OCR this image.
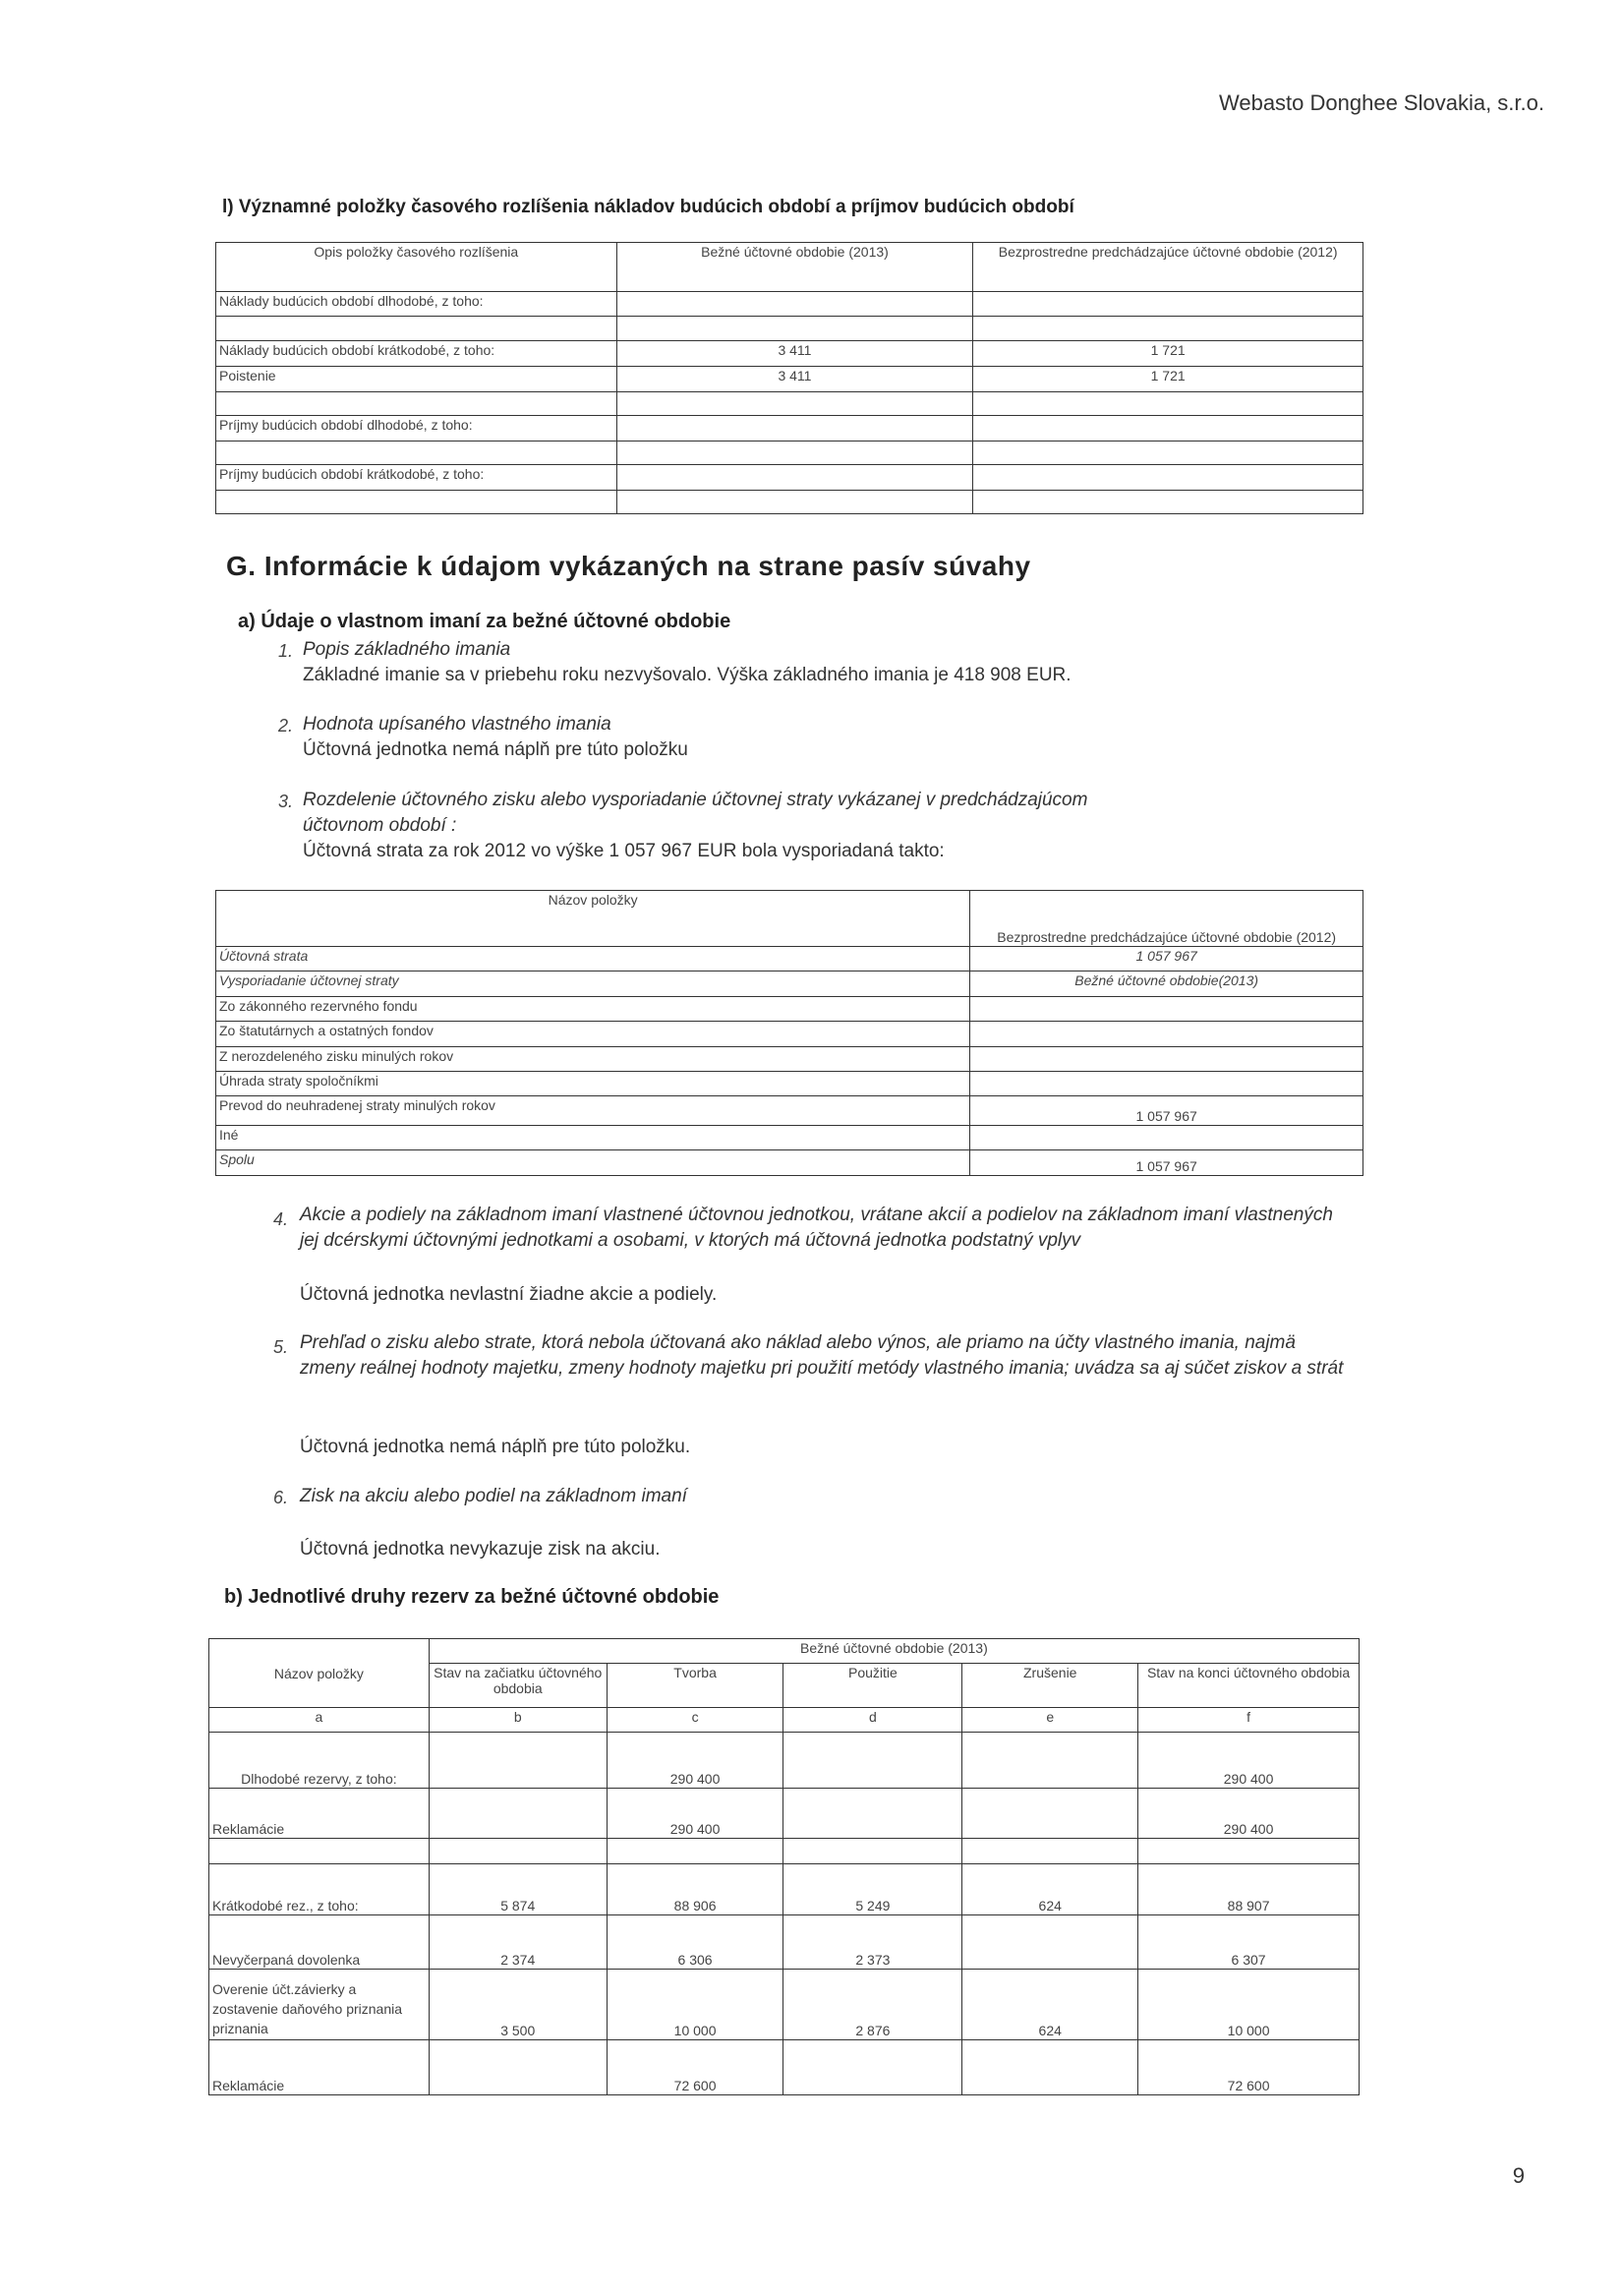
Webasto Donghee Slovakia, s.r.o.
l) Významné položky časového rozlíšenia nákladov budúcich období a príjmov budúcich období
Opis položky časového rozlíšenia	Bežné účtovné obdobie (2013)	Bezprostredne predchádzajúce účtovné obdobie (2012)
Náklady budúcich období dlhodobé, z toho:		

Náklady budúcich období krátkodobé, z toho:	3 411	1 721
Poistenie	3 411	1 721

Príjmy budúcich období dlhodobé, z toho:		

Príjmy budúcich období krátkodobé, z toho:		

G. Informácie k údajom vykázaných na strane pasív súvahy
a) Údaje o vlastnom imaní za bežné účtovné obdobie
1. Popis základného imania
Základné imanie sa v priebehu roku nezvyšovalo. Výška základného imania je 418 908 EUR.
2. Hodnota upísaného vlastného imania
Účtovná jednotka nemá náplň pre túto položku
3. Rozdelenie účtovného zisku alebo vysporiadanie účtovnej straty vykázanej v predchádzajúcom
účtovnom období :
Účtovná strata za rok 2012 vo výške 1 057 967 EUR bola vysporiadaná takto:
Názov položky	Bezprostredne predchádzajúce účtovné obdobie (2012)
Účtovná strata	1 057 967
Vysporiadanie účtovnej straty	Bežné účtovné obdobie(2013)
Zo zákonného rezervného fondu	
Zo štatutárnych a ostatných fondov	
Z nerozdeleného zisku minulých rokov	
Úhrada straty spoločníkmi	
Prevod do neuhradenej straty minulých rokov	1 057 967
Iné	
Spolu	1 057 967
4. Akcie a podiely na základnom imaní vlastnené účtovnou jednotkou, vrátane akcií a podielov na základnom imaní vlastnených
jej dcérskymi účtovnými jednotkami a osobami, v ktorých má účtovná jednotka podstatný vplyv
Účtovná jednotka nevlastní žiadne akcie a podiely.
5. Prehľad o zisku alebo strate, ktorá nebola účtovaná ako náklad alebo výnos, ale priamo na účty vlastného imania, najmä
zmeny reálnej hodnoty majetku, zmeny hodnoty majetku pri použití metódy vlastného imania; uvádza sa aj súčet ziskov a strát
Účtovná jednotka nemá náplň pre túto položku.
6. Zisk na akciu alebo podiel na základnom imaní
Účtovná jednotka nevykazuje zisk na akciu.
b) Jednotlivé druhy rezerv za bežné účtovné obdobie
Názov položky	Bežné účtovné obdobie (2013)				
	Stav na začiatku účtovného obdobia	Tvorba	Použitie	Zrušenie	Stav na konci účtovného obdobia
a	b	c	d	e	f
Dlhodobé rezervy, z toho:		290 400			290 400
Reklamácie		290 400			290 400

Krátkodobé rez., z toho:	5 874	88 906	5 249	624	88 907
Nevyčerpaná dovolenka	2 374	6 306	2 373		6 307
Overenie účt.závierky a zostavenie daňového priznania priznania	3 500	10 000	2 876	624	10 000
Reklamácie		72 600			72 600
9
